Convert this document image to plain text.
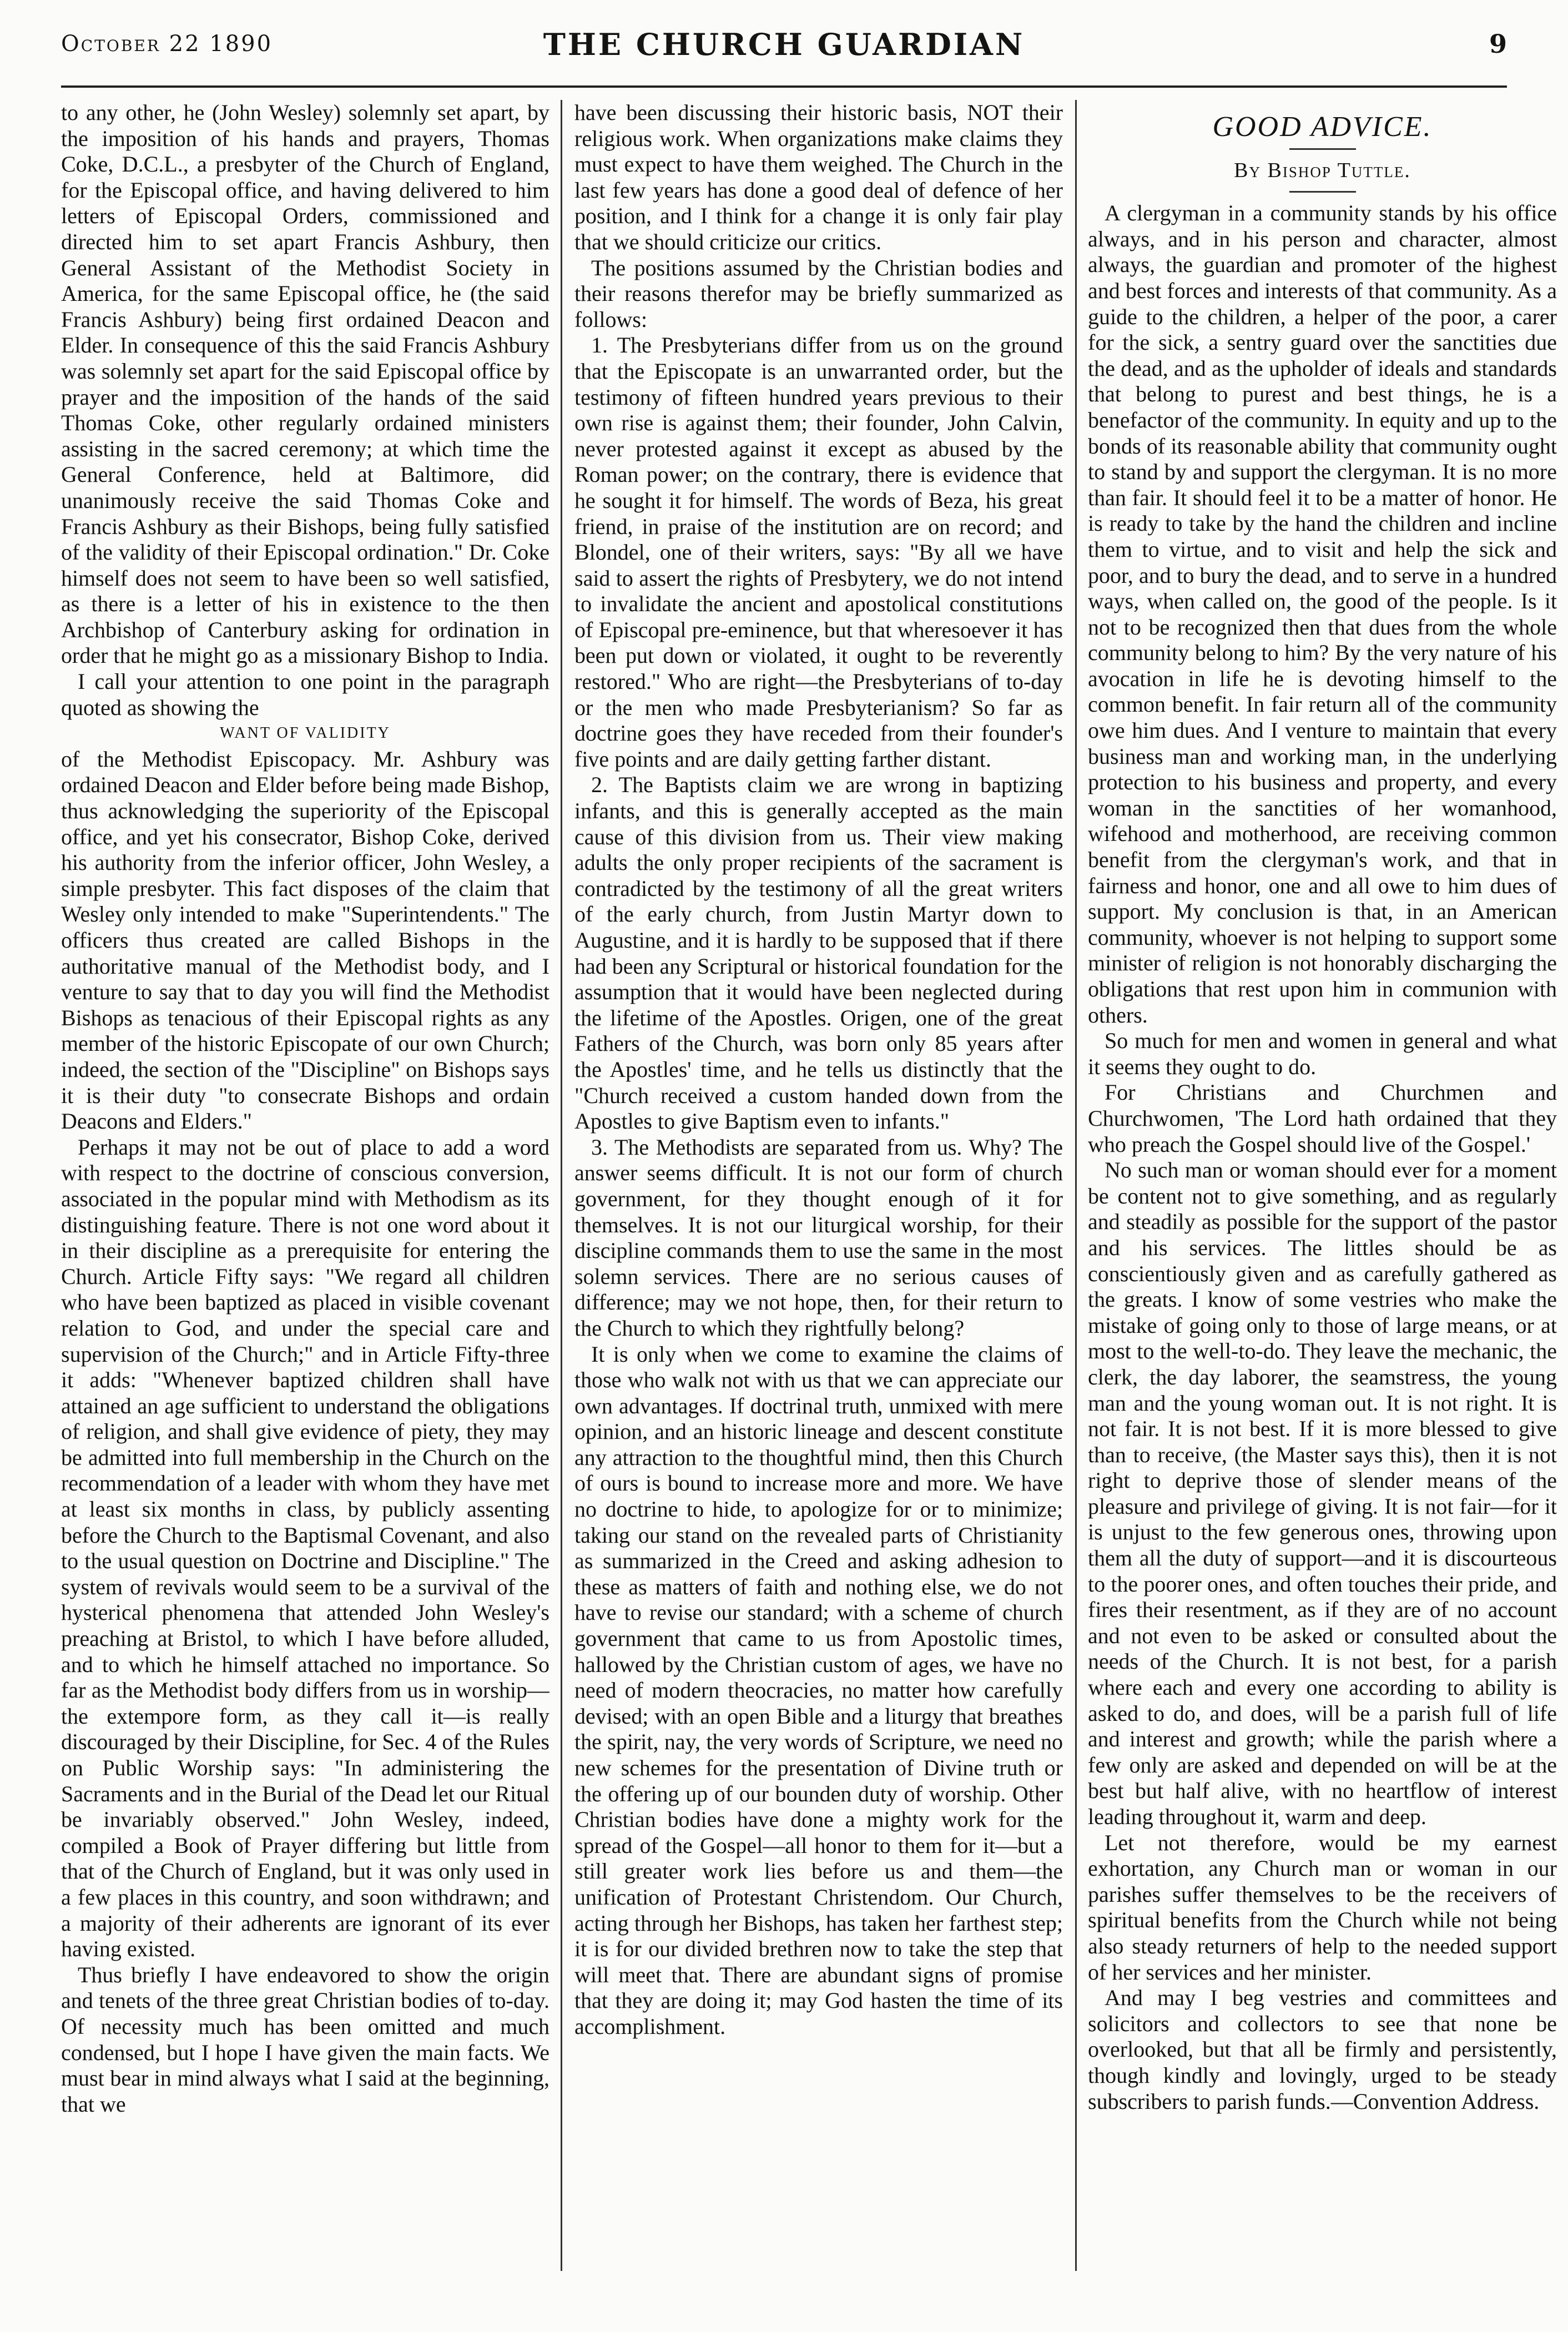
October 22 1890	THE CHURCH GUARDIAN	9

to any other, he (John Wesley) solemnly set apart, by the imposition of his hands and prayers, Thomas Coke, D.C.L., a presbyter of the Church of England, for the Episcopal office, and having delivered to him letters of Episcopal Orders, commissioned and directed him to set apart Francis Ashbury, then General Assistant of the Methodist Society in America, for the same Episcopal office, he (the said Francis Ashbury) being first ordained Deacon and Elder. In consequence of this the said Francis Ashbury was solemnly set apart for the said Episcopal office by prayer and the imposition of the hands of the said Thomas Coke, other regularly ordained ministers assisting in the sacred ceremony; at which time the General Conference, held at Baltimore, did unanimously receive the said Thomas Coke and Francis Ashbury as their Bishops, being fully satisfied of the validity of their Episcopal ordination." Dr. Coke himself does not seem to have been so well satisfied, as there is a letter of his in existence to the then Archbishop of Canterbury asking for ordination in order that he might go as a missionary Bishop to India.

I call your attention to one point in the paragraph quoted as showing the

WANT OF VALIDITY

of the Methodist Episcopacy. Mr. Ashbury was ordained Deacon and Elder before being made Bishop, thus acknowledging the superiority of the Episcopal office, and yet his consecrator, Bishop Coke, derived his authority from the inferior officer, John Wesley, a simple presbyter. This fact disposes of the claim that Wesley only intended to make "Superintendents." The officers thus created are called Bishops in the authoritative manual of the Methodist body, and I venture to say that to day you will find the Methodist Bishops as tenacious of their Episcopal rights as any member of the historic Episcopate of our own Church; indeed, the section of the "Discipline" on Bishops says it is their duty "to consecrate Bishops and ordain Deacons and Elders."

Perhaps it may not be out of place to add a word with respect to the doctrine of conscious conversion, associated in the popular mind with Methodism as its distinguishing feature. There is not one word about it in their discipline as a prerequisite for entering the Church. Article Fifty says: "We regard all children who have been baptized as placed in visible covenant relation to God, and under the special care and supervision of the Church;" and in Article Fifty-three it adds: "Whenever baptized children shall have attained an age sufficient to understand the obligations of religion, and shall give evidence of piety, they may be admitted into full membership in the Church on the recommendation of a leader with whom they have met at least six months in class, by publicly assenting before the Church to the Baptismal Covenant, and also to the usual question on Doctrine and Discipline." The system of revivals would seem to be a survival of the hysterical phenomena that attended John Wesley's preaching at Bristol, to which I have before alluded, and to which he himself attached no importance. So far as the Methodist body differs from us in worship—the extempore form, as they call it—is really discouraged by their Discipline, for Sec. 4 of the Rules on Public Worship says: "In administering the Sacraments and in the Burial of the Dead let our Ritual be invariably observed." John Wesley, indeed, compiled a Book of Prayer differing but little from that of the Church of England, but it was only used in a few places in this country, and soon withdrawn; and a majority of their adherents are ignorant of its ever having existed.

Thus briefly I have endeavored to show the origin and tenets of the three great Christian bodies of to-day. Of necessity much has been omitted and much condensed, but I hope I have given the main facts. We must bear in mind always what I said at the beginning, that we

have been discussing their historic basis, NOT their religious work. When organizations make claims they must expect to have them weighed. The Church in the last few years has done a good deal of defence of her position, and I think for a change it is only fair play that we should criticize our critics.

The positions assumed by the Christian bodies and their reasons therefor may be briefly summarized as follows:

1. The Presbyterians differ from us on the ground that the Episcopate is an unwarranted order, but the testimony of fifteen hundred years previous to their own rise is against them; their founder, John Calvin, never protested against it except as abused by the Roman power; on the contrary, there is evidence that he sought it for himself. The words of Beza, his great friend, in praise of the institution are on record; and Blondel, one of their writers, says: "By all we have said to assert the rights of Presbytery, we do not intend to invalidate the ancient and apostolical constitutions of Episcopal pre-eminence, but that wheresoever it has been put down or violated, it ought to be reverently restored." Who are right—the Presbyterians of to-day or the men who made Presbyterianism? So far as doctrine goes they have receded from their founder's five points and are daily getting farther distant.

2. The Baptists claim we are wrong in baptizing infants, and this is generally accepted as the main cause of this division from us. Their view making adults the only proper recipients of the sacrament is contradicted by the testimony of all the great writers of the early church, from Justin Martyr down to Augustine, and it is hardly to be supposed that if there had been any Scriptural or historical foundation for the assumption that it would have been neglected during the lifetime of the Apostles. Origen, one of the great Fathers of the Church, was born only 85 years after the Apostles' time, and he tells us distinctly that the "Church received a custom handed down from the Apostles to give Baptism even to infants."

3. The Methodists are separated from us. Why? The answer seems difficult. It is not our form of church government, for they thought enough of it for themselves. It is not our liturgical worship, for their discipline commands them to use the same in the most solemn services. There are no serious causes of difference; may we not hope, then, for their return to the Church to which they rightfully belong?

It is only when we come to examine the claims of those who walk not with us that we can appreciate our own advantages. If doctrinal truth, unmixed with mere opinion, and an historic lineage and descent constitute any attraction to the thoughtful mind, then this Church of ours is bound to increase more and more. We have no doctrine to hide, to apologize for or to minimize; taking our stand on the revealed parts of Christianity as summarized in the Creed and asking adhesion to these as matters of faith and nothing else, we do not have to revise our standard; with a scheme of church government that came to us from Apostolic times, hallowed by the Christian custom of ages, we have no need of modern theocracies, no matter how carefully devised; with an open Bible and a liturgy that breathes the spirit, nay, the very words of Scripture, we need no new schemes for the presentation of Divine truth or the offering up of our bounden duty of worship. Other Christian bodies have done a mighty work for the spread of the Gospel—all honor to them for it—but a still greater work lies before us and them—the unification of Protestant Christendom. Our Church, acting through her Bishops, has taken her farthest step; it is for our divided brethren now to take the step that will meet that. There are abundant signs of promise that they are doing it; may God hasten the time of its accomplishment.

GOOD ADVICE.
By Bishop Tuttle.

A clergyman in a community stands by his office always, and in his person and character, almost always, the guardian and promoter of the highest and best forces and interests of that community. As a guide to the children, a helper of the poor, a carer for the sick, a sentry guard over the sanctities due the dead, and as the upholder of ideals and standards that belong to purest and best things, he is a benefactor of the community. In equity and up to the bonds of its reasonable ability that community ought to stand by and support the clergyman. It is no more than fair. It should feel it to be a matter of honor. He is ready to take by the hand the children and incline them to virtue, and to visit and help the sick and poor, and to bury the dead, and to serve in a hundred ways, when called on, the good of the people. Is it not to be recognized then that dues from the whole community belong to him? By the very nature of his avocation in life he is devoting himself to the common benefit. In fair return all of the community owe him dues. And I venture to maintain that every business man and working man, in the underlying protection to his business and property, and every woman in the sanctities of her womanhood, wifehood and motherhood, are receiving common benefit from the clergyman's work, and that in fairness and honor, one and all owe to him dues of support. My conclusion is that, in an American community, whoever is not helping to support some minister of religion is not honorably discharging the obligations that rest upon him in communion with others.

So much for men and women in general and what it seems they ought to do.

For Christians and Churchmen and Churchwomen, 'The Lord hath ordained that they who preach the Gospel should live of the Gospel.'

No such man or woman should ever for a moment be content not to give something, and as regularly and steadily as possible for the support of the pastor and his services. The littles should be as conscientiously given and as carefully gathered as the greats. I know of some vestries who make the mistake of going only to those of large means, or at most to the well-to-do. They leave the mechanic, the clerk, the day laborer, the seamstress, the young man and the young woman out. It is not right. It is not fair. It is not best. If it is more blessed to give than to receive, (the Master says this), then it is not right to deprive those of slender means of the pleasure and privilege of giving. It is not fair—for it is unjust to the few generous ones, throwing upon them all the duty of support—and it is discourteous to the poorer ones, and often touches their pride, and fires their resentment, as if they are of no account and not even to be asked or consulted about the needs of the Church. It is not best, for a parish where each and every one according to ability is asked to do, and does, will be a parish full of life and interest and growth; while the parish where a few only are asked and depended on will be at the best but half alive, with no heartflow of interest leading throughout it, warm and deep.

Let not therefore, would be my earnest exhortation, any Church man or woman in our parishes suffer themselves to be the receivers of spiritual benefits from the Church while not being also steady returners of help to the needed support of her services and her minister.

And may I beg vestries and committees and solicitors and collectors to see that none be overlooked, but that all be firmly and persistently, though kindly and lovingly, urged to be steady subscribers to parish funds.—Convention Address.
